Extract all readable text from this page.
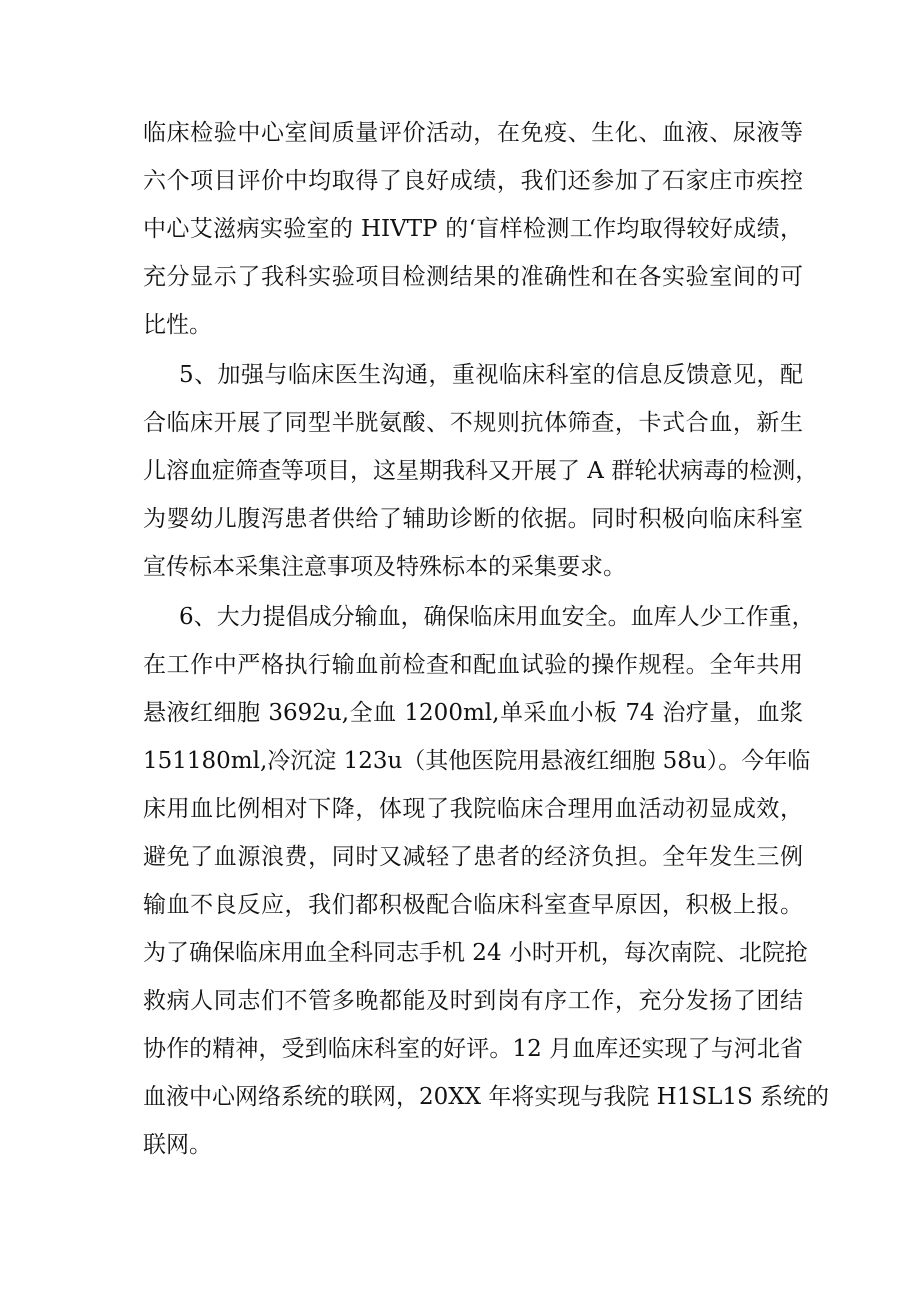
临床检验中心室间质量评价活动，在免疫、生化、血液、尿液等
六个项目评价中均取得了良好成绩，我们还参加了石家庄市疾控
中心艾滋病实验室的 HIVTP 的‘盲样检测工作均取得较好成绩，
充分显示了我科实验项目检测结果的准确性和在各实验室间的可
比性。
5、加强与临床医生沟通，重视临床科室的信息反馈意见，配
合临床开展了同型半胱氨酸、不规则抗体筛查，卡式合血，新生
儿溶血症筛查等项目，这星期我科又开展了 A 群轮状病毒的检测，
为婴幼儿腹泻患者供给了辅助诊断的依据。同时积极向临床科室
宣传标本采集注意事项及特殊标本的采集要求。
6、大力提倡成分输血，确保临床用血安全。血库人少工作重，
在工作中严格执行输血前检查和配血试验的操作规程。全年共用
悬液红细胞 3692u,全血 1200ml,单采血小板 74 治疗量，血浆
151180ml,冷沉淀 123u（其他医院用悬液红细胞 58u）。今年临
床用血比例相对下降，体现了我院临床合理用血活动初显成效，
避免了血源浪费，同时又减轻了患者的经济负担。全年发生三例
输血不良反应，我们都积极配合临床科室查早原因，积极上报。
为了确保临床用血全科同志手机 24 小时开机，每次南院、北院抢
救病人同志们不管多晚都能及时到岗有序工作，充分发扬了团结
协作的精神，受到临床科室的好评。12 月血库还实现了与河北省
血液中心网络系统的联网，20XX 年将实现与我院 H1SL1S 系统的
联网。
